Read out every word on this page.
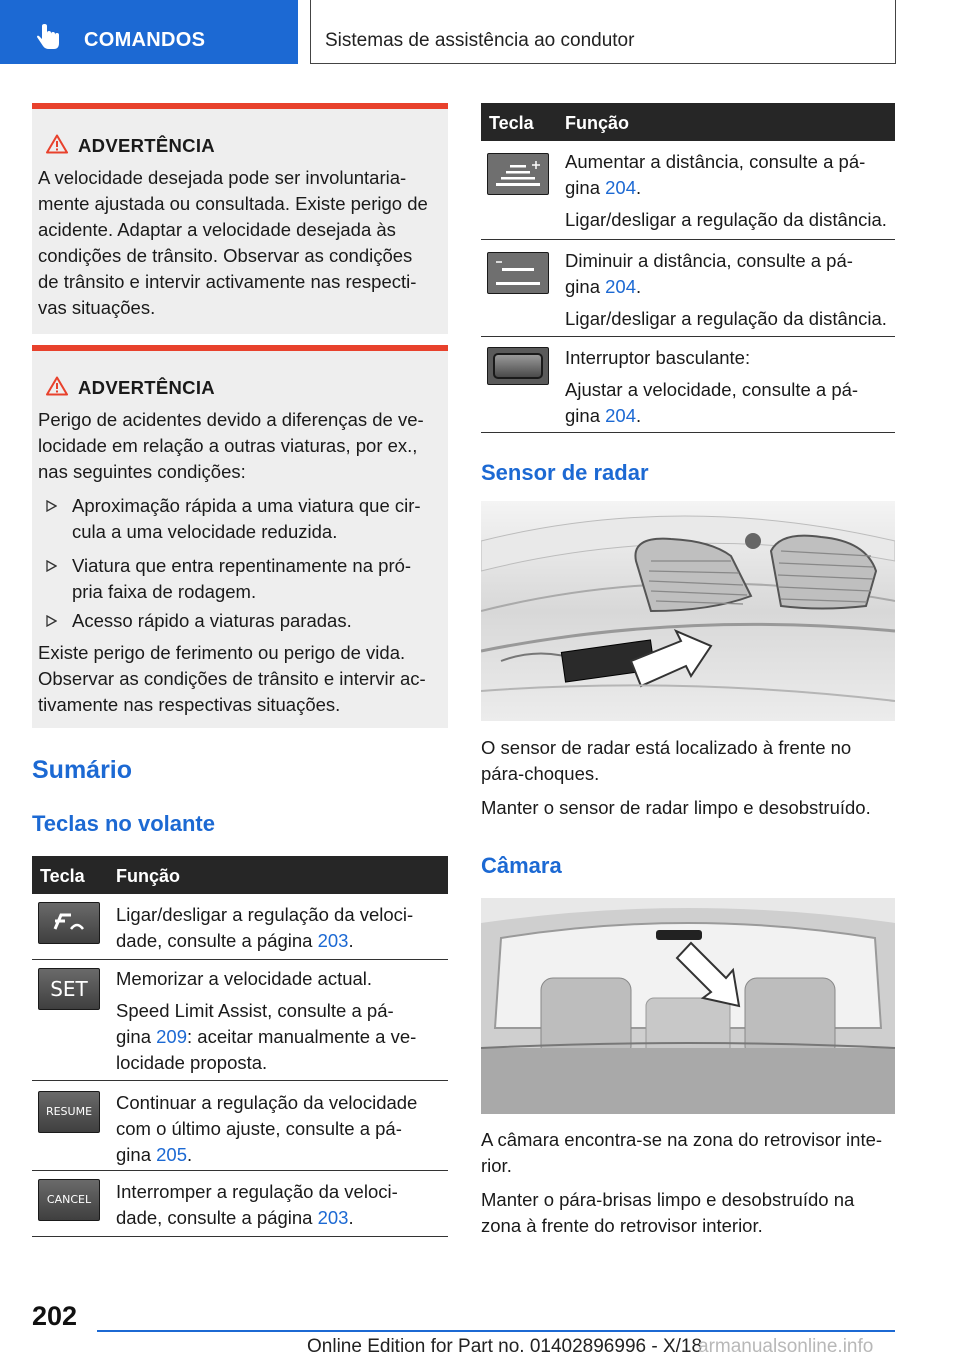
COMANDOS	Sistemas de assistência ao condutor
ADVERTÊNCIA
A velocidade desejada pode ser involuntaria-
mente ajustada ou consultada. Existe perigo de
acidente. Adaptar a velocidade desejada às
condições de trânsito. Observar as condições
de trânsito e intervir activamente nas respecti-
vas situações.
ADVERTÊNCIA
Perigo de acidentes devido a diferenças de ve-
locidade em relação a outras viaturas, por ex.,
nas seguintes condições:
Aproximação rápida a uma viatura que cir-
cula a uma velocidade reduzida.
Viatura que entra repentinamente na pró-
pria faixa de rodagem.
Acesso rápido a viaturas paradas.
Existe perigo de ferimento ou perigo de vida.
Observar as condições de trânsito e intervir ac-
tivamente nas respectivas situações.
Sumário
Teclas no volante
Tecla Função
Ligar/desligar a regulação da veloci-
dade, consulte a página 203.
SET Memorizar a velocidade actual.
Speed Limit Assist, consulte a pá-
gina 209: aceitar manualmente a ve-
locidade proposta.
RESUME Continuar a regulação da velocidade
com o último ajuste, consulte a pá-
gina 205.
CANCEL Interromper a regulação da veloci-
dade, consulte a página 203.
Tecla Função
Aumentar a distância, consulte a pá-
gina 204.
Ligar/desligar a regulação da distância.
Diminuir a distância, consulte a pá-
gina 204.
Ligar/desligar a regulação da distância.
Interruptor basculante:
Ajustar a velocidade, consulte a pá-
gina 204.
Sensor de radar
O sensor de radar está localizado à frente no
pára-choques.
Manter o sensor de radar limpo e desobstruído.
Câmara
A câmara encontra-se na zona do retrovisor inte-
rior.
Manter o pára-brisas limpo e desobstruído na
zona à frente do retrovisor interior.
202
Online Edition for Part no. 01402896996 - X/18
armanualsonline.info
